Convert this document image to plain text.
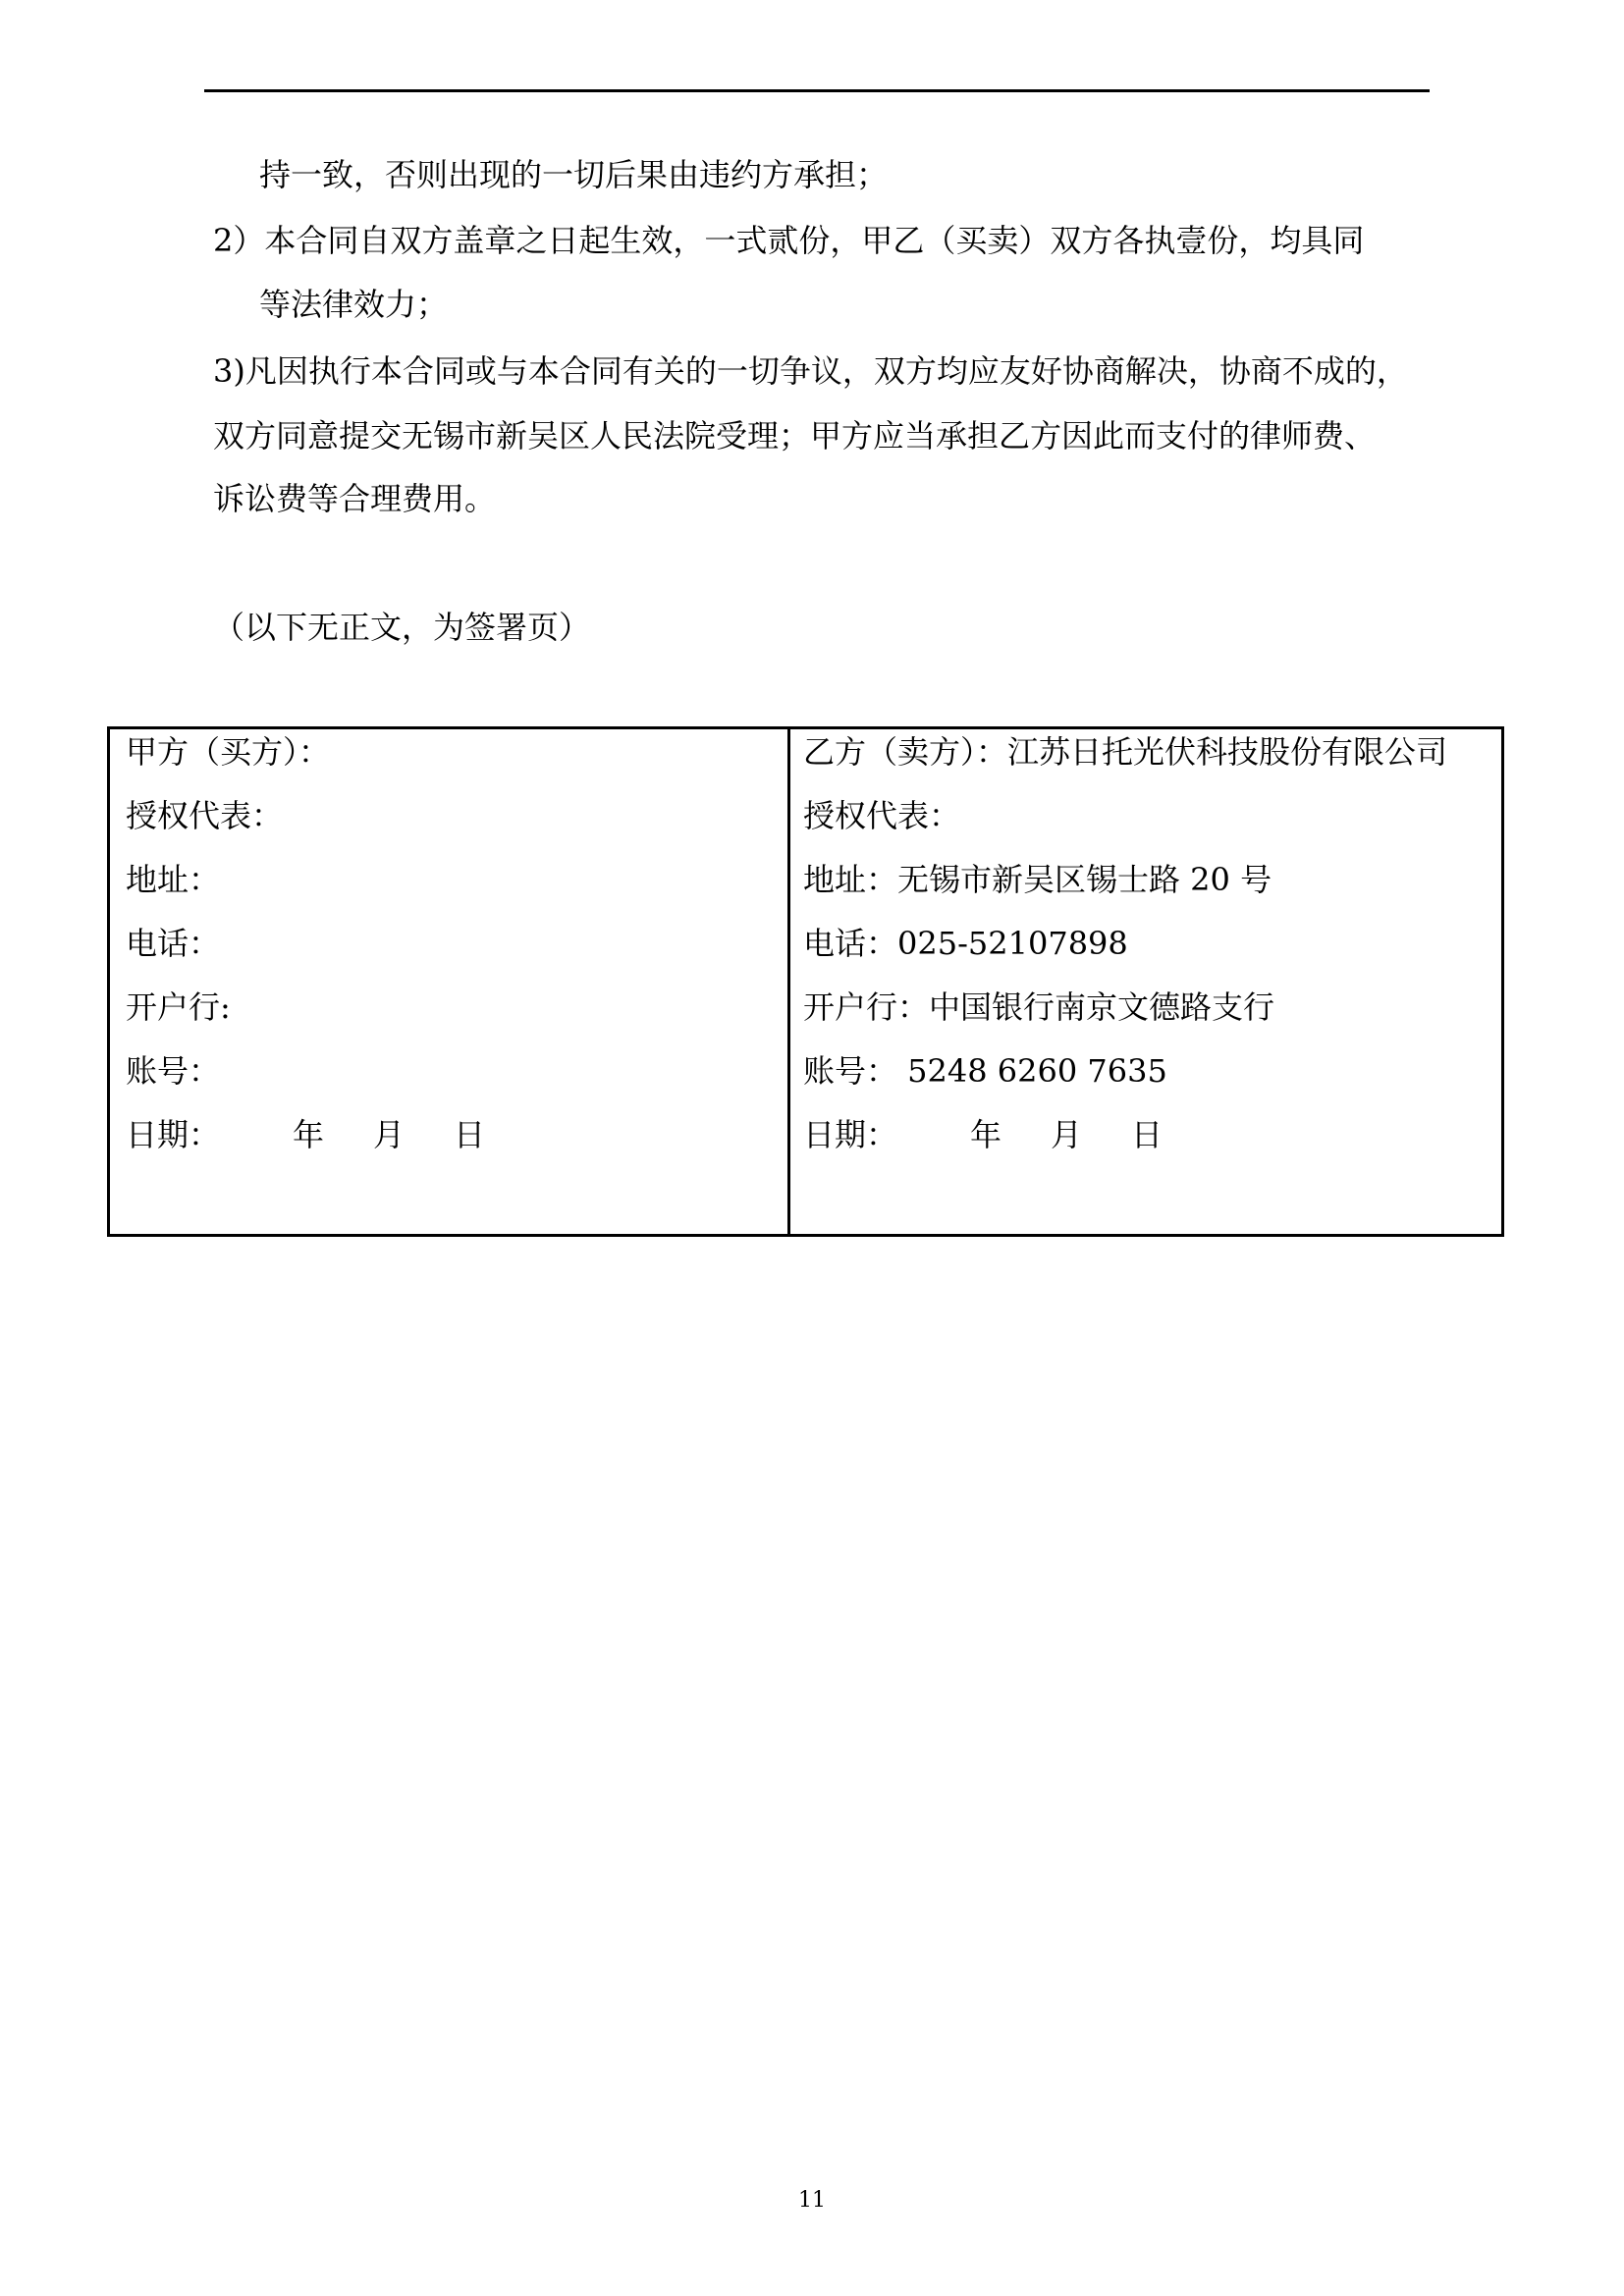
持一致，否则出现的一切后果由违约方承担；
2）本合同自双方盖章之日起生效，一式贰份，甲乙（买卖）双方各执壹份，均具同
等法律效力；
3)凡因执行本合同或与本合同有关的一切争议，双方均应友好协商解决，协商不成的，
双方同意提交无锡市新吴区人民法院受理；甲方应当承担乙方因此而支付的律师费、
诉讼费等合理费用。
（以下无正文，为签署页）
甲方（买方）：
授权代表：
地址：
电话：
开户行:
账号：
日期： 年 月 日
乙方（卖方）：江苏日托光伏科技股份有限公司
授权代表：
地址：无锡市新吴区锡士路 20 号
电话：025-52107898
开户行：中国银行南京文德路支行
账号： 5248 6260 7635
日期： 年 月 日
11
